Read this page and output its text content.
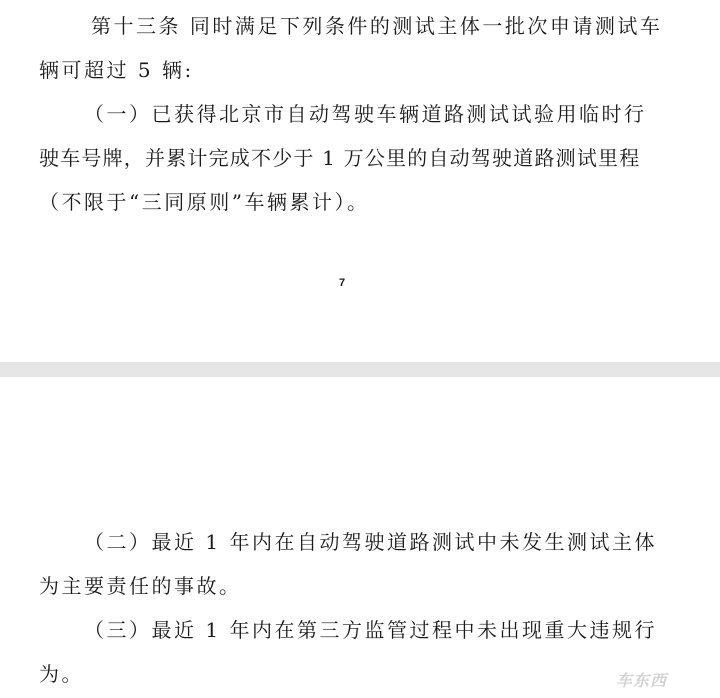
第十三条 同时满足下列条件的测试主体一批次申请测试车
辆可超过 5 辆:
（一）已获得北京市自动驾驶车辆道路测试试验用临时行
驶车号牌，并累计完成不少于 1 万公里的自动驾驶道路测试里程
（不限于“三同原则”车辆累计）。
7
（二）最近 1 年内在自动驾驶道路测试中未发生测试主体
为主要责任的事故。
（三）最近 1 年内在第三方监管过程中未出现重大违规行
为。	车东西
